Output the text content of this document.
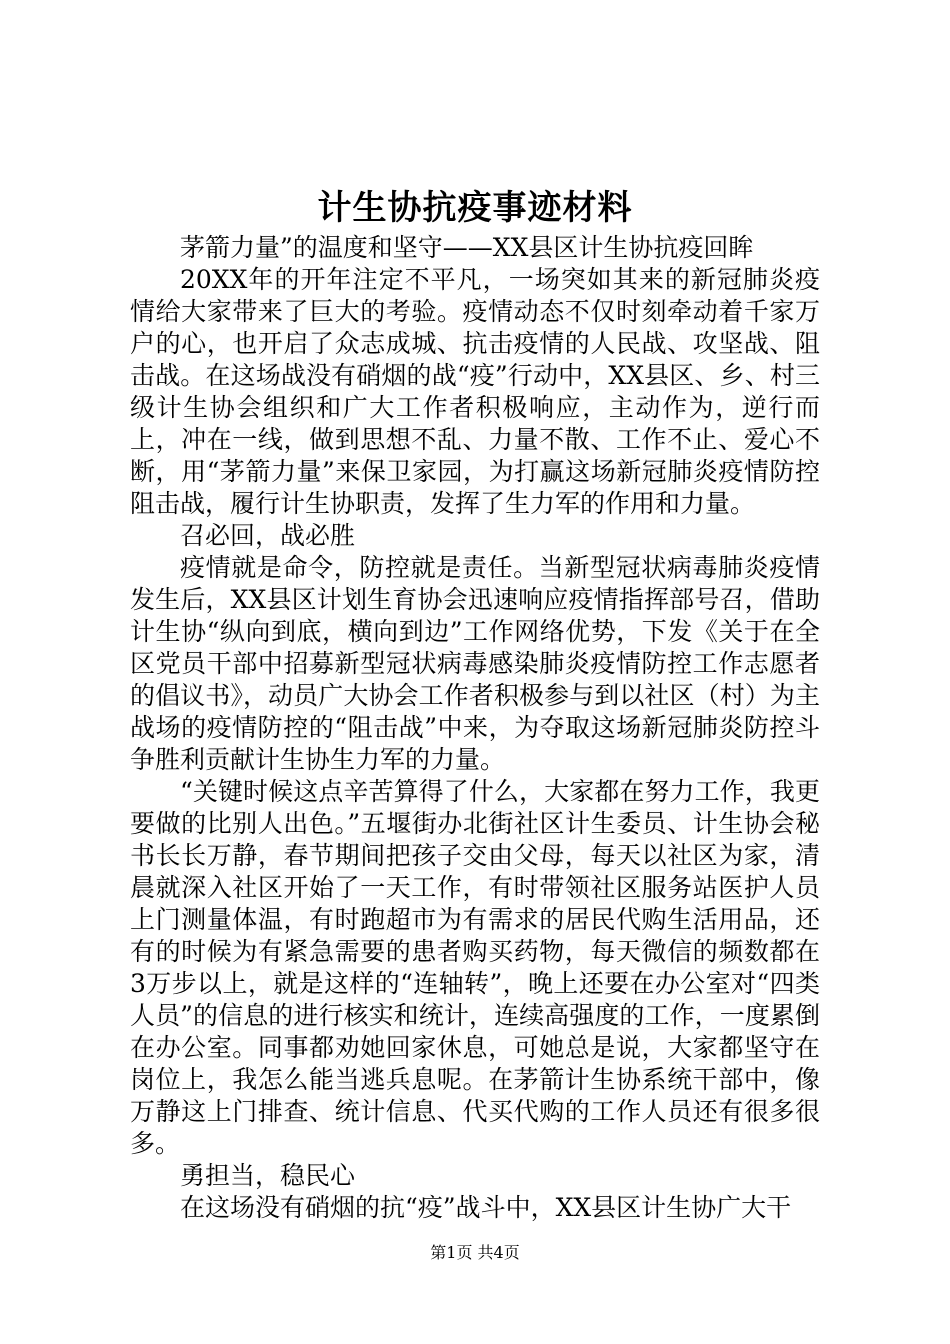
计生协抗疫事迹材料

茅箭力量”的温度和坚守——XX县区计生协抗疫回眸

20XX年的开年注定不平凡，一场突如其来的新冠肺炎疫情给大家带来了巨大的考验。疫情动态不仅时刻牵动着千家万户的心，也开启了众志成城、抗击疫情的人民战、攻坚战、阻击战。在这场战没有硝烟的战“疫”行动中，XX县区、乡、村三级计生协会组织和广大工作者积极响应，主动作为，逆行而上，冲在一线，做到思想不乱、力量不散、工作不止、爱心不断，用“茅箭力量”来保卫家园，为打赢这场新冠肺炎疫情防控阻击战，履行计生协职责，发挥了生力军的作用和力量。

召必回，战必胜

疫情就是命令，防控就是责任。当新型冠状病毒肺炎疫情发生后，XX县区计划生育协会迅速响应疫情指挥部号召，借助计生协“纵向到底，横向到边”工作网络优势，下发《关于在全区党员干部中招募新型冠状病毒感染肺炎疫情防控工作志愿者的倡议书》，动员广大协会工作者积极参与到以社区（村）为主战场的疫情防控的“阻击战”中来，为夺取这场新冠肺炎防控斗争胜利贡献计生协生力军的力量。

“关键时候这点辛苦算得了什么，大家都在努力工作，我更要做的比别人出色。”五堰街办北街社区计生委员、计生协会秘书长长万静，春节期间把孩子交由父母，每天以社区为家，清晨就深入社区开始了一天工作，有时带领社区服务站医护人员上门测量体温，有时跑超市为有需求的居民代购生活用品，还有的时候为有紧急需要的患者购买药物，每天微信的频数都在3万步以上，就是这样的“连轴转”，晚上还要在办公室对“四类人员”的信息的进行核实和统计，连续高强度的工作，一度累倒在办公室。同事都劝她回家休息，可她总是说，大家都坚守在岗位上，我怎么能当逃兵息呢。在茅箭计生协系统干部中，像万静这上门排查、统计信息、代买代购的工作人员还有很多很多。

勇担当，稳民心

在这场没有硝烟的抗“疫”战斗中，XX县区计生协广大干

第1页 共4页
